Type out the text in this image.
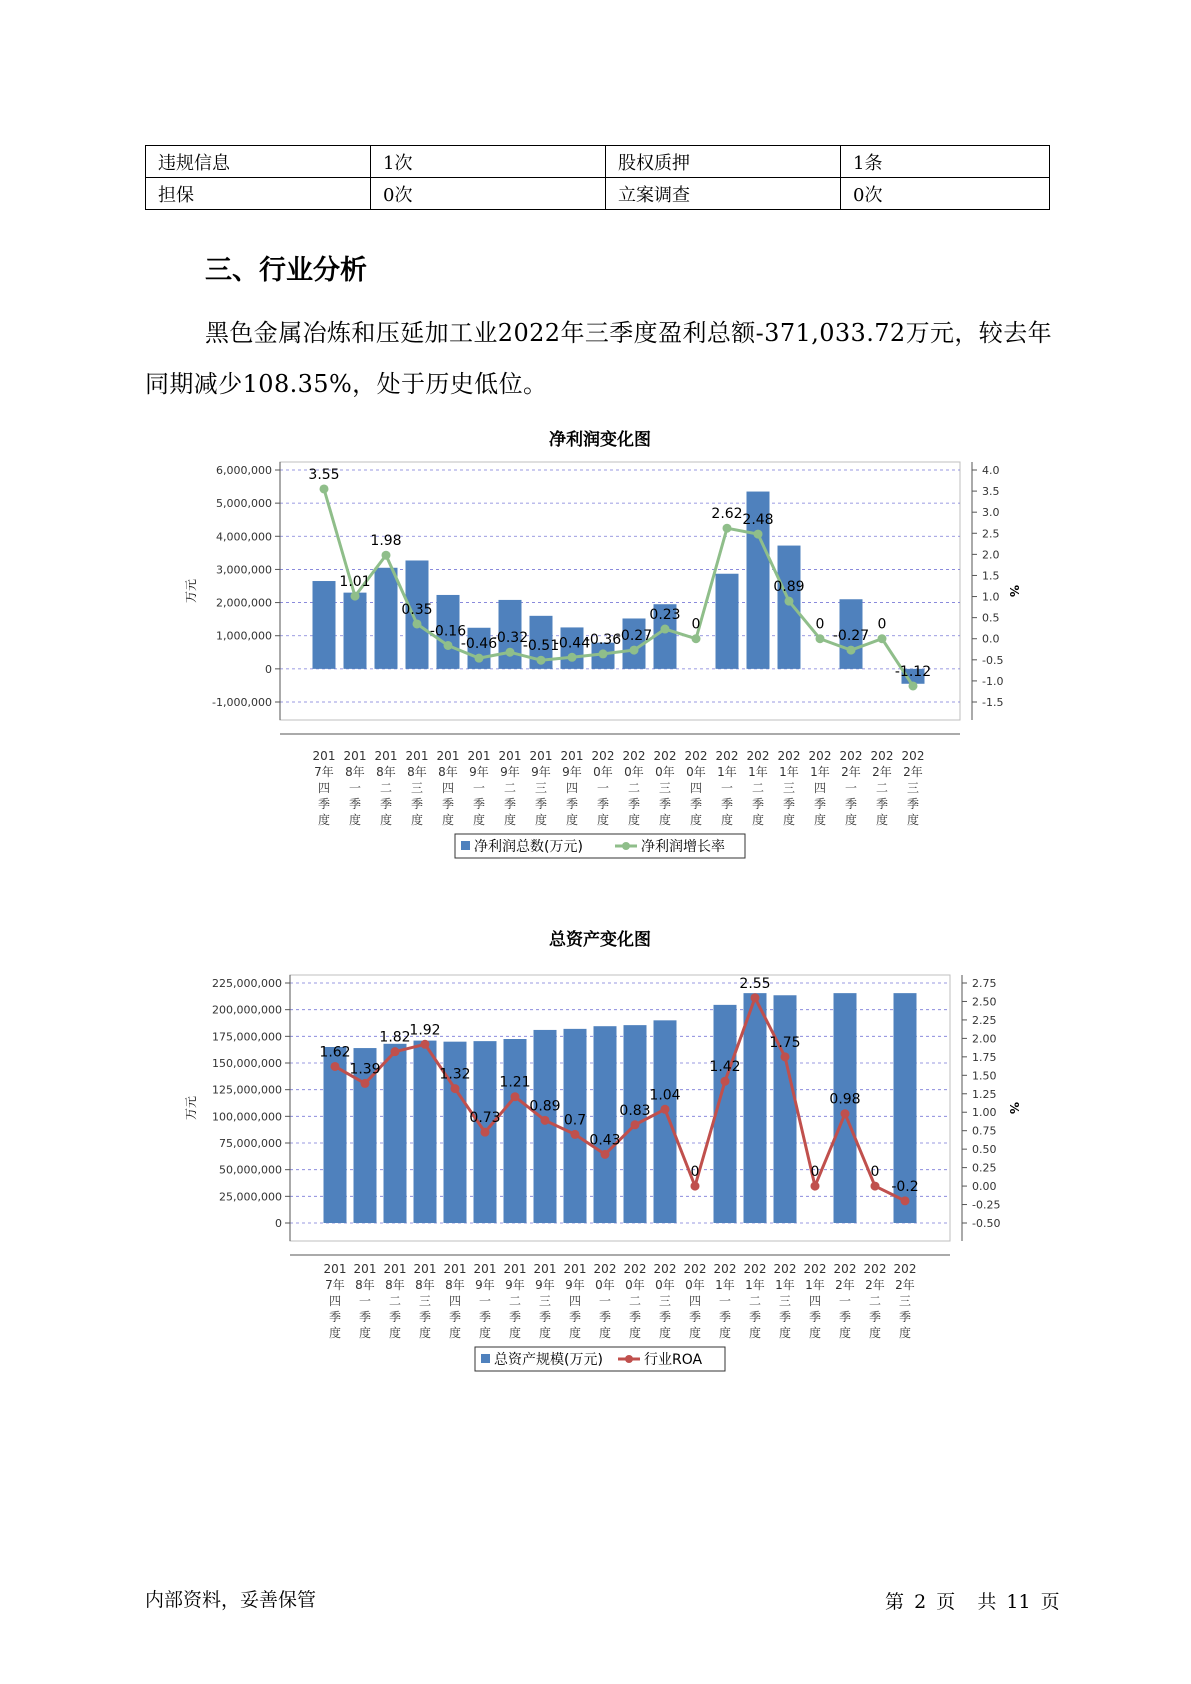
违规信息	1次	股权质押	1条
担保	0次	立案调查	0次
三、行业分析

黑色金属冶炼和压延加工业2022年三季度盈利总额-371,033.72万元，较去年同期减少108.35%，处于历史低位。

净利润变化图
6,000,000
5,000,000
4,000,000
3,000,000
2,000,000
1,000,000
0
-1,000,000
4.0
3.5
3.0
2.5
2.0
1.5
1.0
0.5
0.0
-0.5
-1.0
-1.5
万元	%
3.55
1.01
1.98
0.35
-0.16
-0.46
-0.32
-0.51
-0.44
-0.36
-0.27
0.23
0
2.62 2.48
0.89
0
-0.27
0
-1.12
201 7年四季度
201 8年一季度
201 8年二季度
201 8年三季度
201 8年四季度
201 9年一季度
201 9年二季度
201 9年三季度
201 9年四季度
202 0年一季度
202 0年二季度
202 0年三季度
202 0年四季度
202 1年一季度
202 1年二季度
202 1年三季度
202 1年四季度
202 2年一季度
202 2年二季度
202 2年三季度
净利润总数(万元)	净利润增长率
总资产变化图
225,000,000
200,000,000
175,000,000
150,000,000
125,000,000
100,000,000
75,000,000
50,000,000
25,000,000
0
2.75
2.50
2.25
2.00
1.75
1.50
1.25
1.00
0.75
0.50
0.25
0.00
-0.25
-0.50
万元	%
1.62
1.39
1.82
1.92
1.32
0.73
1.21
0.89
0.7
0.43
0.83
1.04
0
1.42
2.55
1.75
0
0.98
0
-0.2
201 7年四季度
201 8年一季度
201 8年二季度
201 8年三季度
201 8年四季度
201 9年一季度
201 9年二季度
201 9年三季度
201 9年四季度
202 0年一季度
202 0年二季度
202 0年三季度
202 0年四季度
202 1年一季度
202 1年二季度
202 1年三季度
202 1年四季度
202 2年一季度
202 2年二季度
202 2年三季度
总资产规模(万元)	行业ROA
内部资料，妥善保管	第 2 页 共 11 页
